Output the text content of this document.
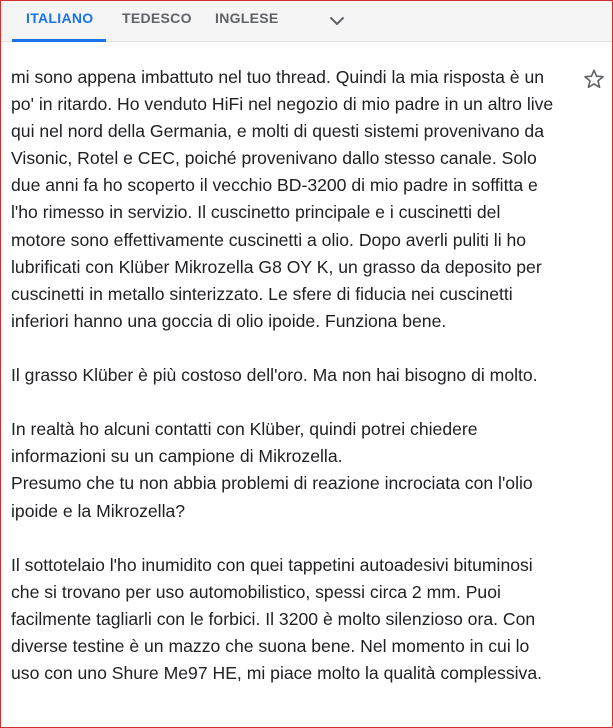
ITALIANO TEDESCO INGLESE
mi sono appena imbattuto nel tuo thread. Quindi la mia risposta è un
po' in ritardo. Ho venduto HiFi nel negozio di mio padre in un altro live
qui nel nord della Germania, e molti di questi sistemi provenivano da
Visonic, Rotel e CEC, poiché provenivano dallo stesso canale. Solo
due anni fa ho scoperto il vecchio BD-3200 di mio padre in soffitta e
l'ho rimesso in servizio. Il cuscinetto principale e i cuscinetti del
motore sono effettivamente cuscinetti a olio. Dopo averli puliti li ho
lubrificati con Klüber Mikrozella G8 OY K, un grasso da deposito per
cuscinetti in metallo sinterizzato. Le sfere di fiducia nei cuscinetti
inferiori hanno una goccia di olio ipoide. Funziona bene.
Il grasso Klüber è più costoso dell'oro. Ma non hai bisogno di molto.
In realtà ho alcuni contatti con Klüber, quindi potrei chiedere
informazioni su un campione di Mikrozella.
Presumo che tu non abbia problemi di reazione incrociata con l'olio
ipoide e la Mikrozella?
Il sottotelaio l'ho inumidito con quei tappetini autoadesivi bituminosi
che si trovano per uso automobilistico, spessi circa 2 mm. Puoi
facilmente tagliarli con le forbici. Il 3200 è molto silenzioso ora. Con
diverse testine è un mazzo che suona bene. Nel momento in cui lo
uso con uno Shure Me97 HE, mi piace molto la qualità complessiva.
